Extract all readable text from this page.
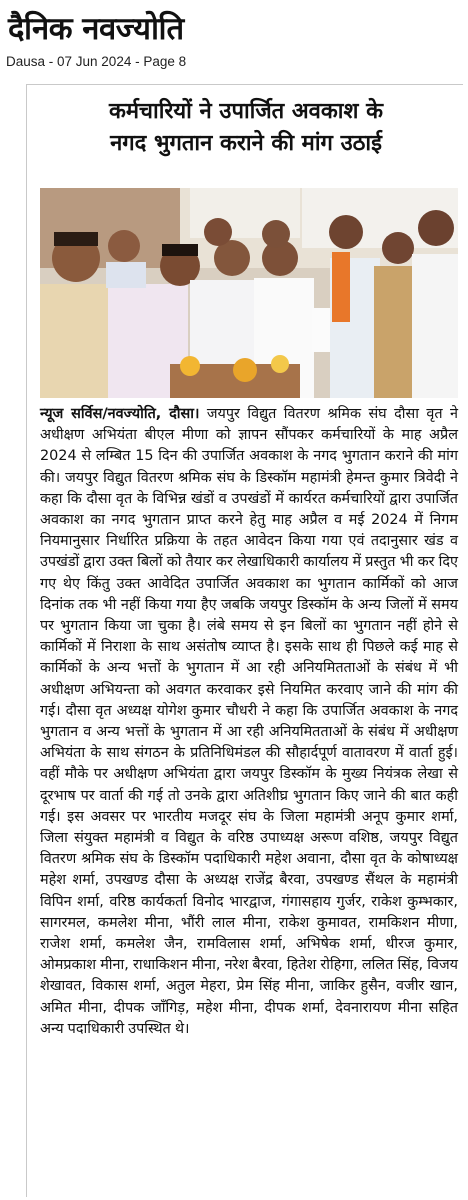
दैनिक नवज्योति
Dausa - 07 Jun 2024 - Page 8
कर्मचारियों ने उपार्जित अवकाश के
नगद भुगतान कराने की मांग उठाई
न्यूज सर्विस/नवज्योति, दौसा। जयपुर विद्युत वितरण श्रमिक संघ दौसा वृत ने अधीक्षण अभियंता बीएल मीणा को ज्ञापन सौंपकर कर्मचारियों के माह अप्रैल 2024 से लम्बित 15 दिन की उपार्जित अवकाश के नगद भुगतान कराने की मांग की। जयपुर विद्युत वितरण श्रमिक संघ के डिस्कॉम महामंत्री हेमन्त कुमार त्रिवेदी ने कहा कि दौसा वृत के विभिन्न खंडों व उपखंडों में कार्यरत कर्मचारियों द्वारा उपार्जित अवकाश का नगद भुगतान प्राप्त करने हेतु माह अप्रैल व मई 2024 में निगम नियमानुसार निर्धारित प्रक्रिया के तहत आवेदन किया गया एवं तदानुसार खंड व उपखंडों द्वारा उक्त बिलों को तैयार कर लेखाधिकारी कार्यालय में प्रस्तुत भी कर दिए गए थेए किंतु उक्त आवेदित उपार्जित अवकाश का भुगतान कार्मिकों को आज दिनांक तक भी नहीं किया गया हैए जबकि जयपुर डिस्कॉम के अन्य जिलों में समय पर भुगतान किया जा चुका है। लंबे समय से इन बिलों का भुगतान नहीं होने से कार्मिकों में निराशा के साथ असंतोष व्याप्त है। इसके साथ ही पिछले कई माह से कार्मिकों के अन्य भत्तों के भुगतान में आ रही अनियमितताओं के संबंध में भी अधीक्षण अभियन्ता को अवगत करवाकर इसे नियमित करवाए जाने की मांग की गई। दौसा वृत अध्यक्ष योगेश कुमार चौधरी ने कहा कि उपार्जित अवकाश के नगद भुगतान व अन्य भत्तों के भुगतान में आ रही अनियमितताओं के संबंध में अधीक्षण अभियंता के साथ संगठन के प्रतिनिधिमंडल की सौहार्दपूर्ण वातावरण में वार्ता हुई। वहीं मौके पर अधीक्षण अभियंता द्वारा जयपुर डिस्कॉम के मुख्य नियंत्रक लेखा से दूरभाष पर वार्ता की गई तो उनके द्वारा अतिशीघ्र भुगतान किए जाने की बात कही गई। इस अवसर पर भारतीय मजदूर संघ के जिला महामंत्री अनूप कुमार शर्मा, जिला संयुक्त महामंत्री व विद्युत के वरिष्ठ उपाध्यक्ष अरूण वशिष्ठ, जयपुर विद्युत वितरण श्रमिक संघ के डिस्कॉम पदाधिकारी महेश अवाना, दौसा वृत के कोषाध्यक्ष महेश शर्मा, उपखण्ड दौसा के अध्यक्ष राजेंद्र बैरवा, उपखण्ड सैंथल के महामंत्री विपिन शर्मा, वरिष्ठ कार्यकर्ता विनोद भारद्वाज, गंगासहाय गुर्जर, राकेश कुम्भकार, सागरमल, कमलेश मीना, भौंरी लाल मीना, राकेश कुमावत, रामकिशन मीणा, राजेश शर्मा, कमलेश जैन, रामविलास शर्मा, अभिषेक शर्मा, धीरज कुमार, ओमप्रकाश मीना, राधाकिशन मीना, नरेश बैरवा, हितेश रोहिगा, ललित सिंह, विजय शेखावत, विकास शर्मा, अतुल मेहरा, प्रेम सिंह मीना, जाकिर हुसैन, वजीर खान, अमित मीना, दीपक जाँगिड़, महेश मीना, दीपक शर्मा, देवनारायण मीना सहित अन्य पदाधिकारी उपस्थित थे।
